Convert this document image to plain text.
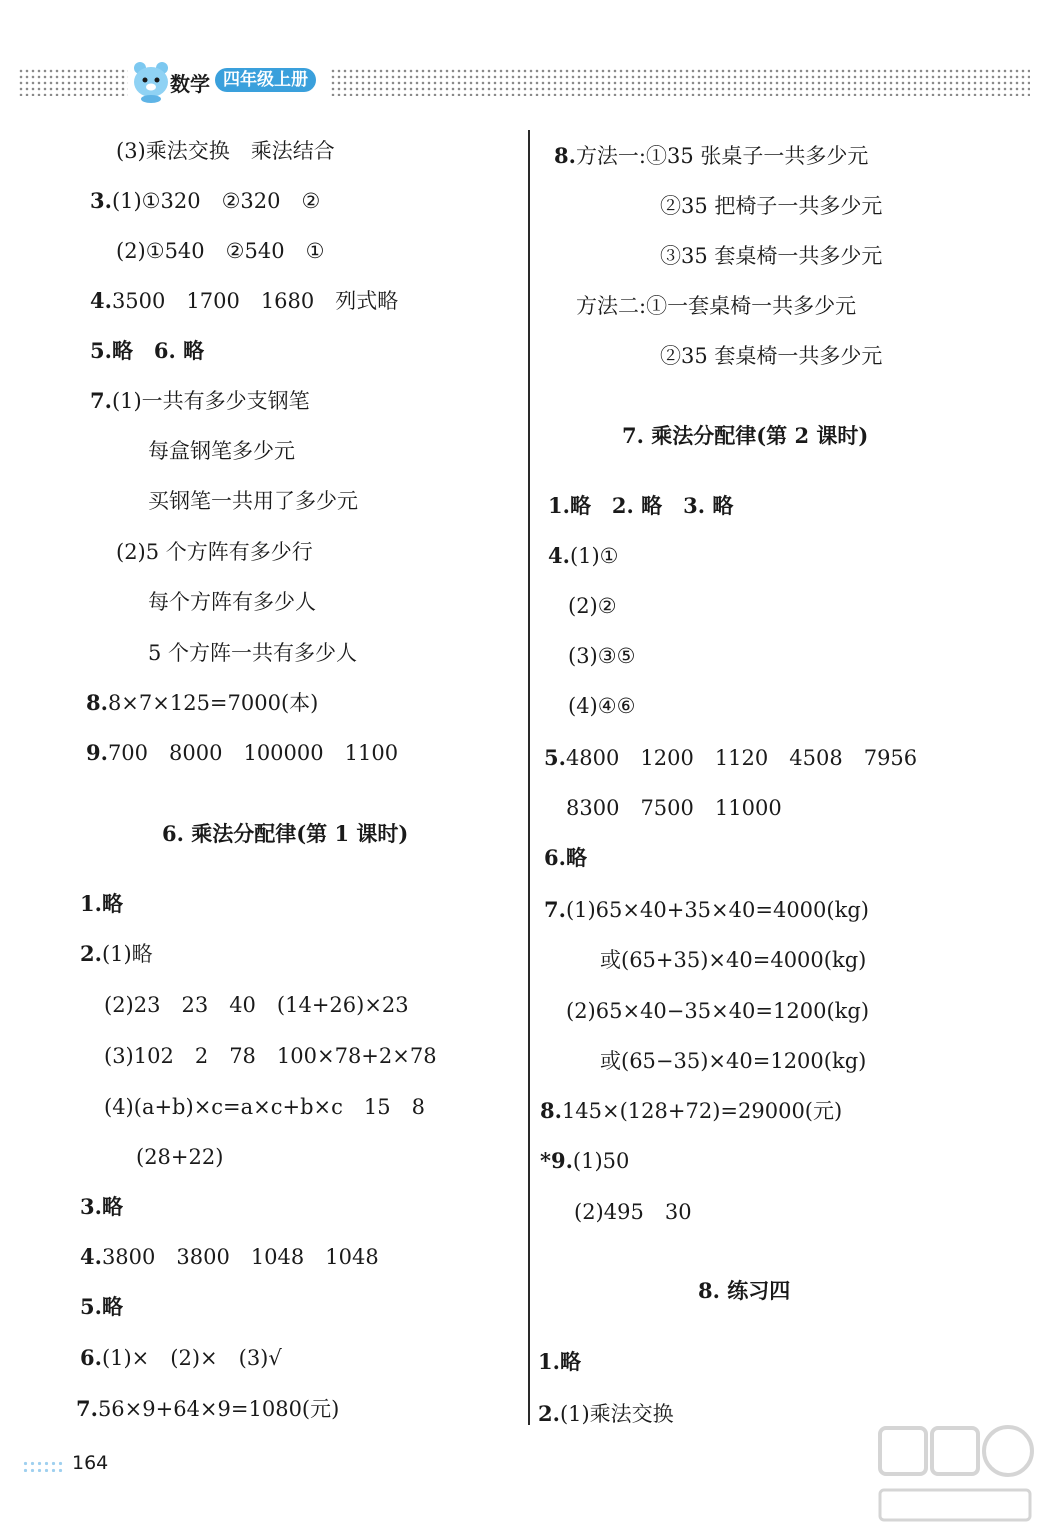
数学 四年级上册
(3)乘法交换　乘法结合
3.(1)①320　②320　②
(2)①540　②540　①
4.3500　1700　1680　列式略
5.略　6. 略
7.(1)一共有多少支钢笔
每盒钢笔多少元
买钢笔一共用了多少元
(2)5 个方阵有多少行
每个方阵有多少人
5 个方阵一共有多少人
8.8×7×125=7000(本)
9.700　8000　100000　1100
6. 乘法分配律(第 1 课时)
1.略
2.(1)略
(2)23　23　40　(14+26)×23
(3)102　2　78　100×78+2×78
(4)(a+b)×c=a×c+b×c　15　8
(28+22)
3.略
4.3800　3800　1048　1048
5.略
6.(1)×　(2)×　(3)√
7.56×9+64×9=1080(元)
8.方法一:①35 张桌子一共多少元
②35 把椅子一共多少元
③35 套桌椅一共多少元
方法二:①一套桌椅一共多少元
②35 套桌椅一共多少元
7. 乘法分配律(第 2 课时)
1.略　2. 略　3. 略
4.(1)①
(2)②
(3)③⑤
(4)④⑥
5.4800　1200　1120　4508　7956
8300　7500　11000
6.略
7.(1)65×40+35×40=4000(kg)
或(65+35)×40=4000(kg)
(2)65×40−35×40=1200(kg)
或(65−35)×40=1200(kg)
8.145×(128+72)=29000(元)
*9.(1)50
(2)495　30
8. 练习四
1.略
2.(1)乘法交换
164
